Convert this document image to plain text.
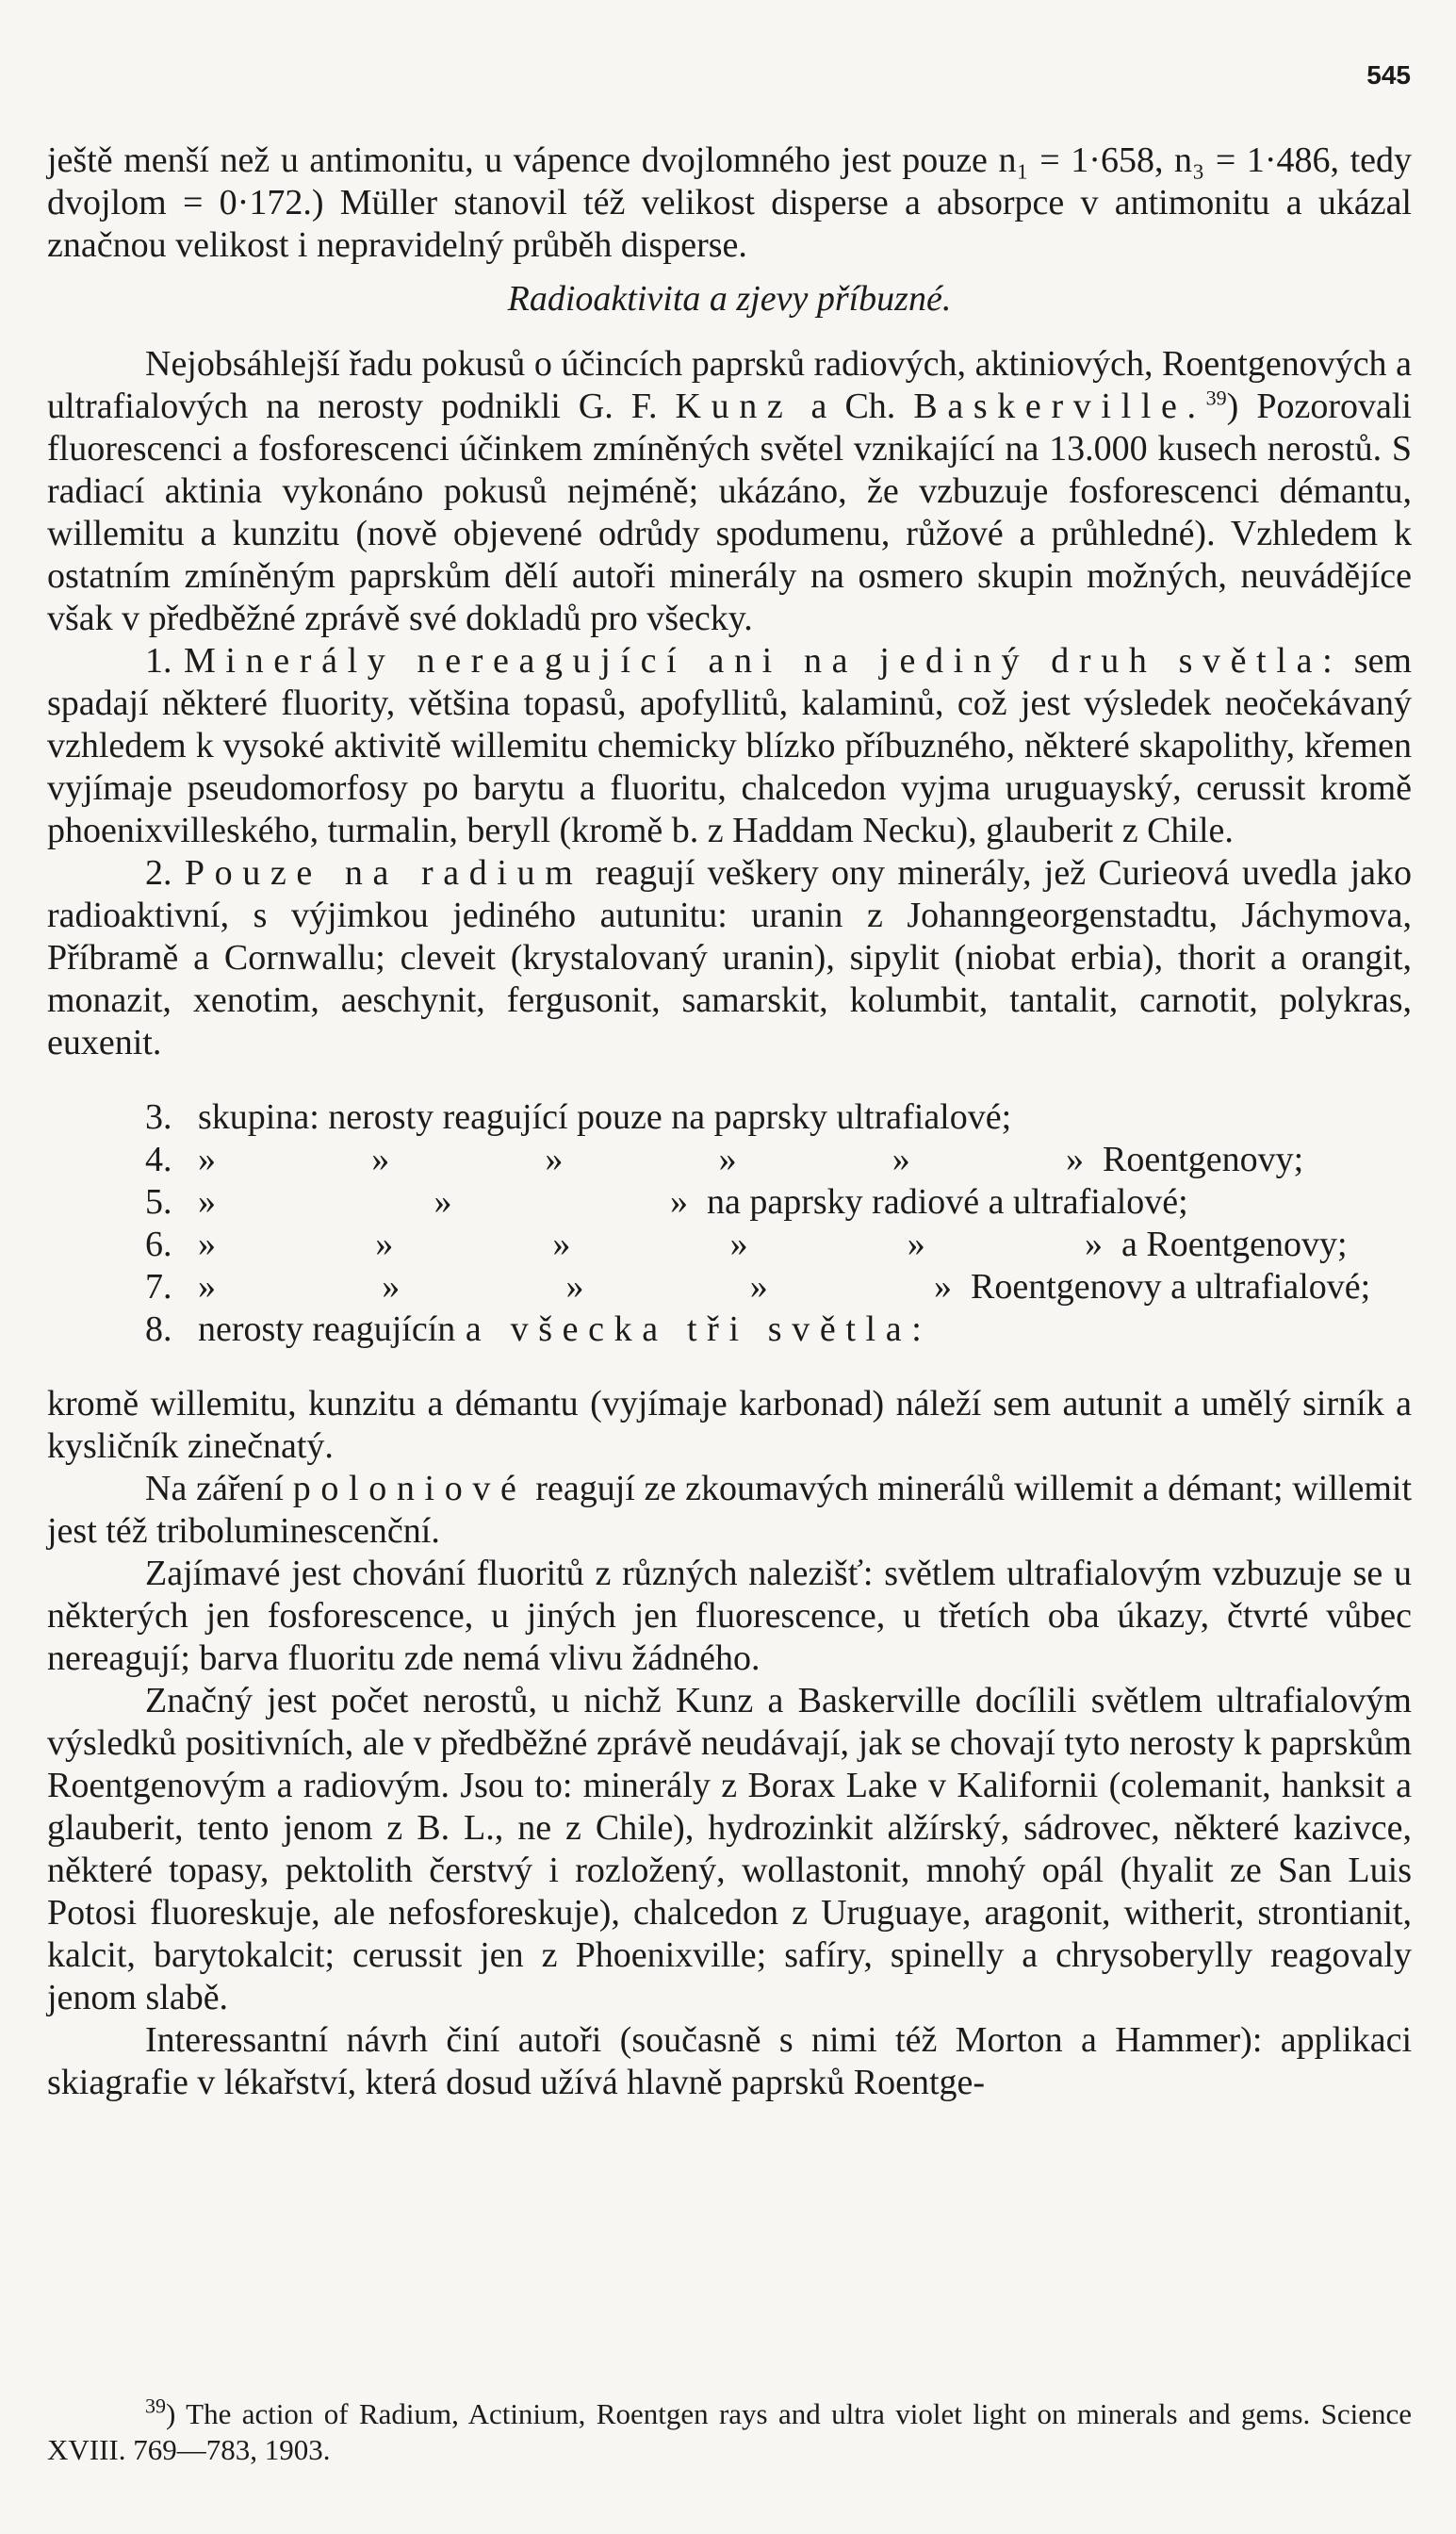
545

ještě menší než u antimonitu, u vápence dvojlomného jest pouze n₁ = 1·658, n₃ = 1·486, tedy dvojlom = 0·172.) Müller stanovil též velikost disperse a absorpce v antimonitu a ukázal značnou velikost i nepravidelný průběh disperse.

Radioaktivita a zjevy příbuzné.

Nejobsáhlejší řadu pokusů o účincích paprsků radiových, aktiniových, Roentgenových a ultrafialových na nerosty podnikli G. F. Kunz a Ch. Baskerville.$^{39}$) Pozorovali fluorescenci a fosforescenci účinkem zmíněných světel vznikající na 13.000 kusech nerostů. S radiací aktinia vykonáno pokusů nejméně; ukázáno, že vzbuzuje fosforescenci démantu, willemitu a kunzitu (nově objevené odrůdy spodumenu, růžové a průhledné). Vzhledem k ostatním zmíněným paprskům dělí autoři minerály na osmero skupin možných, neuvádějíce však v předběžné zprávě své dokladů pro všecky.

1. Minerály nereagující ani na jediný druh světla: sem spadají některé fluority, většina topasů, apofyllitů, kalaminů, což jest výsledek neočekávaný vzhledem k vysoké aktivitě willemitu chemicky blízko příbuzného, některé skapolithy, křemen vyjímaje pseudomorfosy po barytu a fluoritu, chalcedon vyjma uruguayský, cerussit kromě phoenixvilleského, turmalin, beryll (kromě b. z Haddam Necku), glauberit z Chile.

2. Pouze na radium reagují veškery ony minerály, jež Curieová uvedla jako radioaktivní, s výjimkou jediného autunitu: uranin z Johanngeorgenstadtu, Jáchymova, Příbramě a Cornwallu; cleveit (krystalovaný uranin), sipylit (niobat erbia), thorit a orangit, monazit, xenotim, aeschynit, fergusonit, samarskit, kolumbit, tantalit, carnotit, polykras, euxenit.

3. skupina: nerosty reagující pouze na paprsky ultrafialové;
4. »	»	»	»	»	» Roentgenovy;
5. »	»	» na paprsky radiové a ultrafialové;
6. »	»	»	»	»	» a Roentgenovy;
7. »	»	»	»	» Roentgenovy a ultrafialové;
8. nerosty reagující na všecka tři světla:

kromě willemitu, kunzitu a démantu (vyjímaje karbonad) náleží sem autunit a umělý sirník a kysličník zinečnatý.

Na záření poloniové reagují ze zkoumavých minerálů willemit a démant; willemit jest též triboluminescenční.

Zajímavé jest chování fluoritů z různých nalezišť: světlem ultrafialovým vzbuzuje se u některých jen fosforescence, u jiných jen fluorescence, u třetích oba úkazy, čtvrté vůbec nereagují; barva fluoritu zde nemá vlivu žádného.

Značný jest počet nerostů, u nichž Kunz a Baskerville docílili světlem ultrafialovým výsledků positivních, ale v předběžné zprávě neudávají, jak se chovají tyto nerosty k paprskům Roentgenovým a radiovým. Jsou to: minerály z Borax Lake v Kalifornii (colemanit, hanksit a glauberit, tento jenom z B. L., ne z Chile), hydrozinkit alžírský, sádrovec, některé kazivce, některé topasy, pektolith čerstvý i rozložený, wollastonit, mnohý opál (hyalit ze San Luis Potosi fluoreskuje, ale nefosforeskuje), chalcedon z Uruguaye, aragonit, witherit, strontianit, kalcit, barytokalcit; cerussit jen z Phoenixville; safíry, spinelly a chrysoberylly reagovaly jenom slabě.

Interessantní návrh činí autoři (současně s nimi též Morton a Hammer): applikaci skiagrafie v lékařství, která dosud užívá hlavně paprsků Roentge-

$^{39}$) The action of Radium, Actinium, Roentgen rays and ultra violet light on minerals and gems. Science XVIII. 769—783, 1903.
